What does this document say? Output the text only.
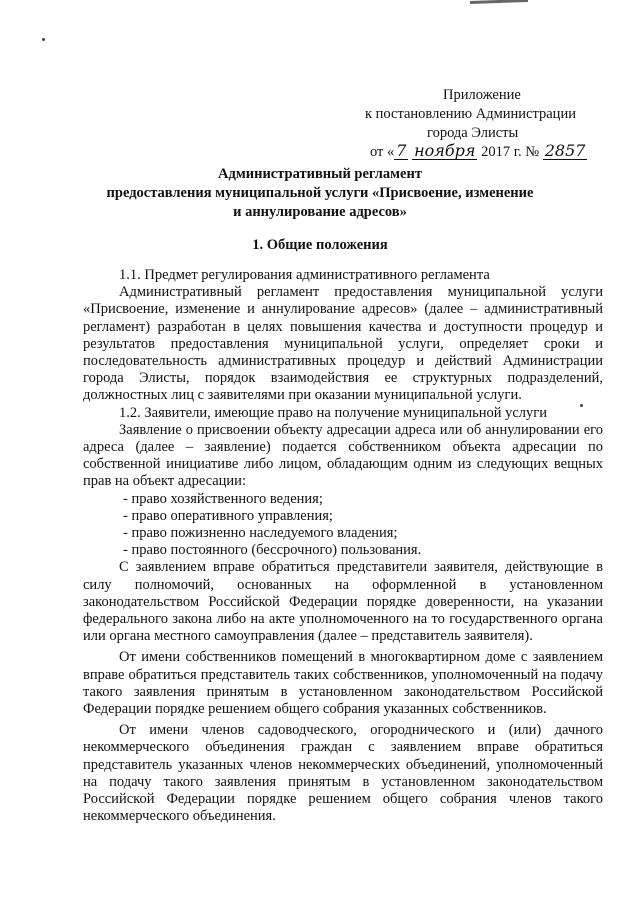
Приложение
к постановлению Администрации
города Элисты
от « 7 ноября 2017 г. № 2857
Административный регламент
предоставления муниципальной услуги «Присвоение, изменение
и аннулирование адресов»
1. Общие положения

1.1. Предмет регулирования административного регламента

Административный регламент предоставления муниципальной услуги «Присвоение, изменение и аннулирование адресов» (далее – административный регламент) разработан в целях повышения качества и доступности процедур и результатов предоставления муниципальной услуги, определяет сроки и последовательность административных процедур и действий Администрации города Элисты, порядок взаимодействия ее структурных подразделений, должностных лиц с заявителями при оказании муниципальной услуги.

1.2. Заявители, имеющие право на получение муниципальной услуги

Заявление о присвоении объекту адресации адреса или об аннулировании его адреса (далее – заявление) подается собственником объекта адресации по собственной инициативе либо лицом, обладающим одним из следующих вещных прав на объект адресации:

- право хозяйственного ведения;

- право оперативного управления;

- право пожизненно наследуемого владения;

- право постоянного (бессрочного) пользования.

С заявлением вправе обратиться представители заявителя, действующие в силу полномочий, основанных на оформленной в установленном законодательством Российской Федерации порядке доверенности, на указании федерального закона либо на акте уполномоченного на то государственного органа или органа местного самоуправления (далее – представитель заявителя).

От имени собственников помещений в многоквартирном доме с заявлением вправе обратиться представитель таких собственников, уполномоченный на подачу такого заявления принятым в установленном законодательством Российской Федерации порядке решением общего собрания указанных собственников.

От имени членов садоводческого, огороднического и (или) дачного некоммерческого объединения граждан с заявлением вправе обратиться представитель указанных членов некоммерческих объединений, уполномоченный на подачу такого заявления принятым в установленном законодательством Российской Федерации порядке решением общего собрания членов такого некоммерческого объединения.
